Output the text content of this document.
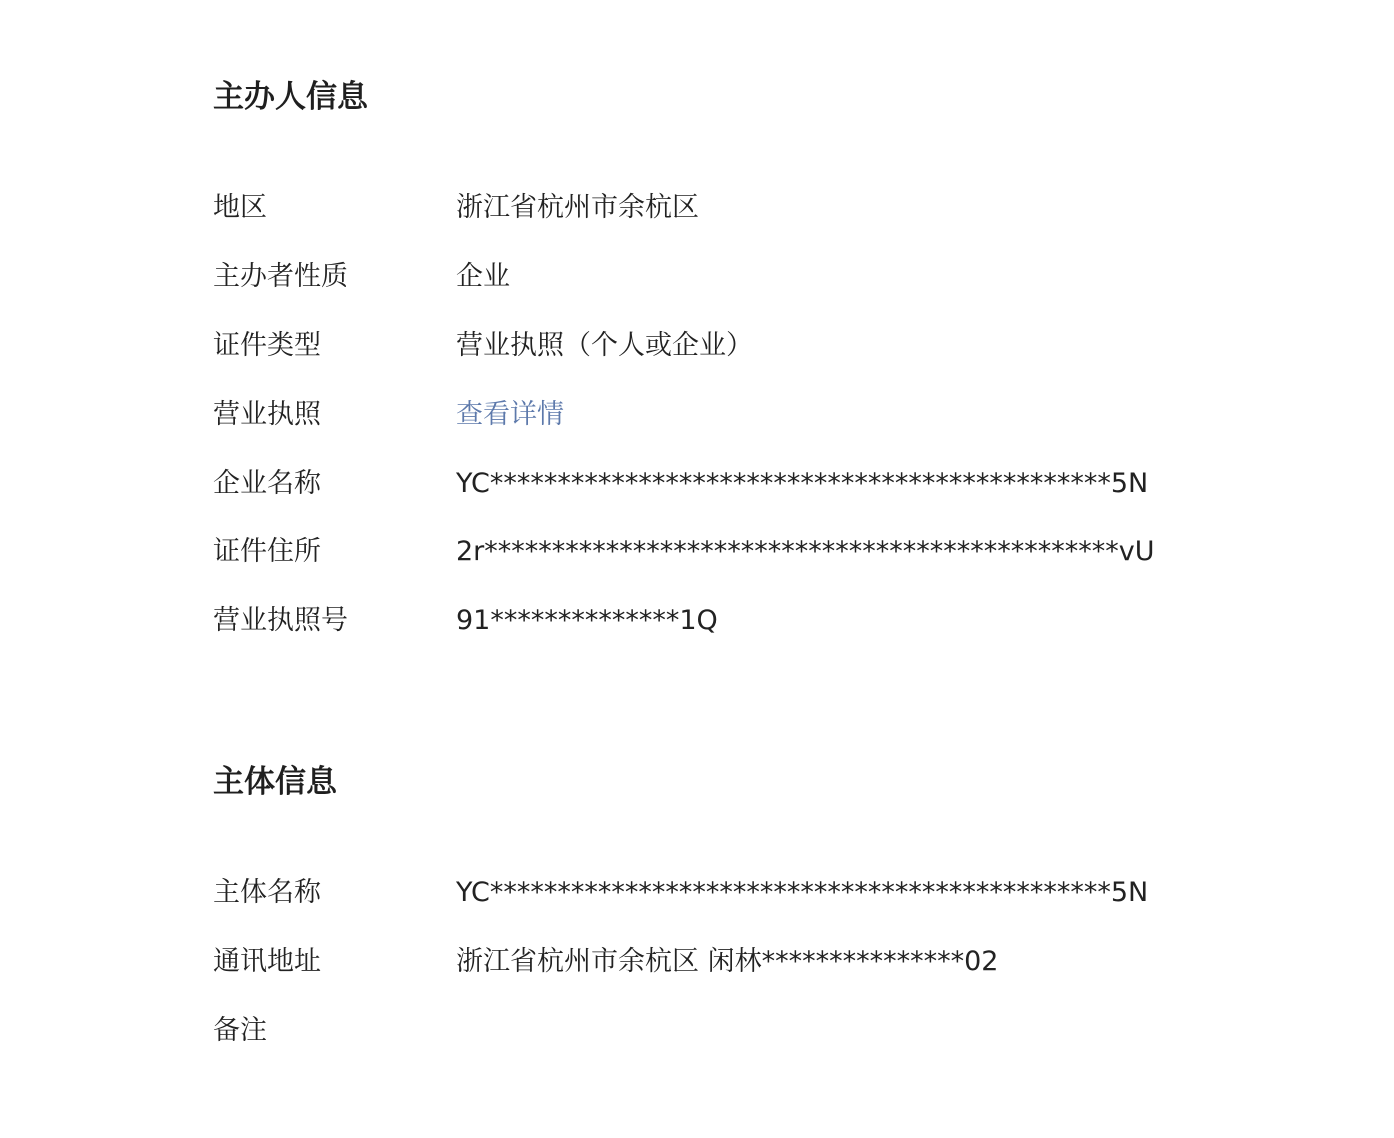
主办人信息
地区	浙江省杭州市余杭区
主办者性质	企业
证件类型	营业执照（个人或企业）
营业执照	查看详情
企业名称	YC**********************************************5N
证件住所	2r***********************************************vU
营业执照号	91**************1Q
主体信息
主体名称	YC**********************************************5N
通讯地址	浙江省杭州市余杭区 闲林***************02
备注
